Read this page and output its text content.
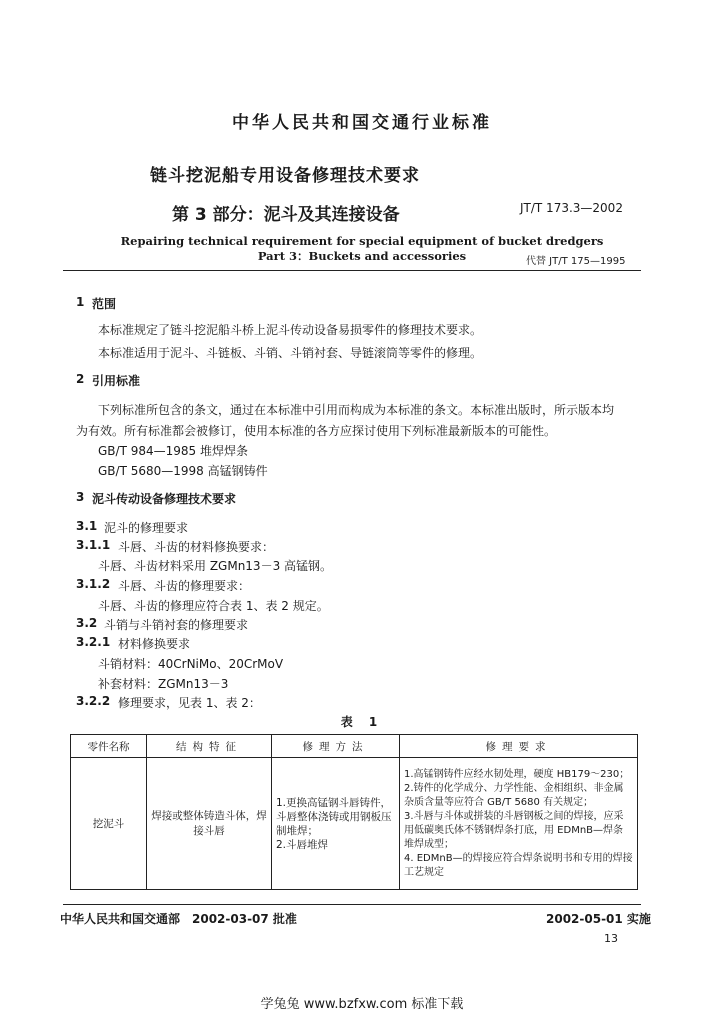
中华人民共和国交通行业标准
链斗挖泥船专用设备修理技术要求
第 3 部分：泥斗及其连接设备	JT/T 173.3—2002
Repairing technical requirement for special equipment of bucket dredgers
Part 3：Buckets and accessories	代替 JT/T 175—1995
1 范围
本标准规定了链斗挖泥船斗桥上泥斗传动设备易损零件的修理技术要求。
本标准适用于泥斗、斗链板、斗销、斗销衬套、导链滚筒等零件的修理。
2 引用标准
下列标准所包含的条文，通过在本标准中引用而构成为本标准的条文。本标准出版时，所示版本均
为有效。所有标准都会被修订，使用本标准的各方应探讨使用下列标准最新版本的可能性。
GB/T 984—1985 堆焊焊条
GB/T 5680—1998 高锰钢铸件
3 泥斗传动设备修理技术要求
3.1 泥斗的修理要求
3.1.1 斗唇、斗齿的材料修换要求：
斗唇、斗齿材料采用 ZGMn13－3 高锰钢。
3.1.2 斗唇、斗齿的修理要求：
斗唇、斗齿的修理应符合表 1、表 2 规定。
3.2 斗销与斗销衬套的修理要求
3.2.1 材料修换要求
斗销材料：40CrNiMo、20CrMoV
补套材料：ZGMn13－3
3.2.2 修理要求，见表 1、表 2：
表 1
零件名称	结构特征	修理方法	修理要求
挖泥斗	焊接或整体铸造斗体，焊接斗唇	1.更换高锰钢斗唇铸件，斗唇整体浇铸或用钢板压制堆焊；
2.斗唇堆焊	1.高锰钢铸件应经水韧处理，硬度 HB179～230；
2.铸件的化学成分、力学性能、金相组织、非金属杂质含量等应符合 GB/T 5680 有关规定；
3.斗唇与斗体或拼装的斗唇钢板之间的焊接，应采用低碳奥氏体不锈钢焊条打底，用 EDMnB—焊条堆焊成型；
4. EDMnB—的焊接应符合焊条说明书和专用的焊接工艺规定
中华人民共和国交通部　2002-03-07 批准	2002-05-01 实施
13
学兔兔 www.bzfxw.com 标准下载
